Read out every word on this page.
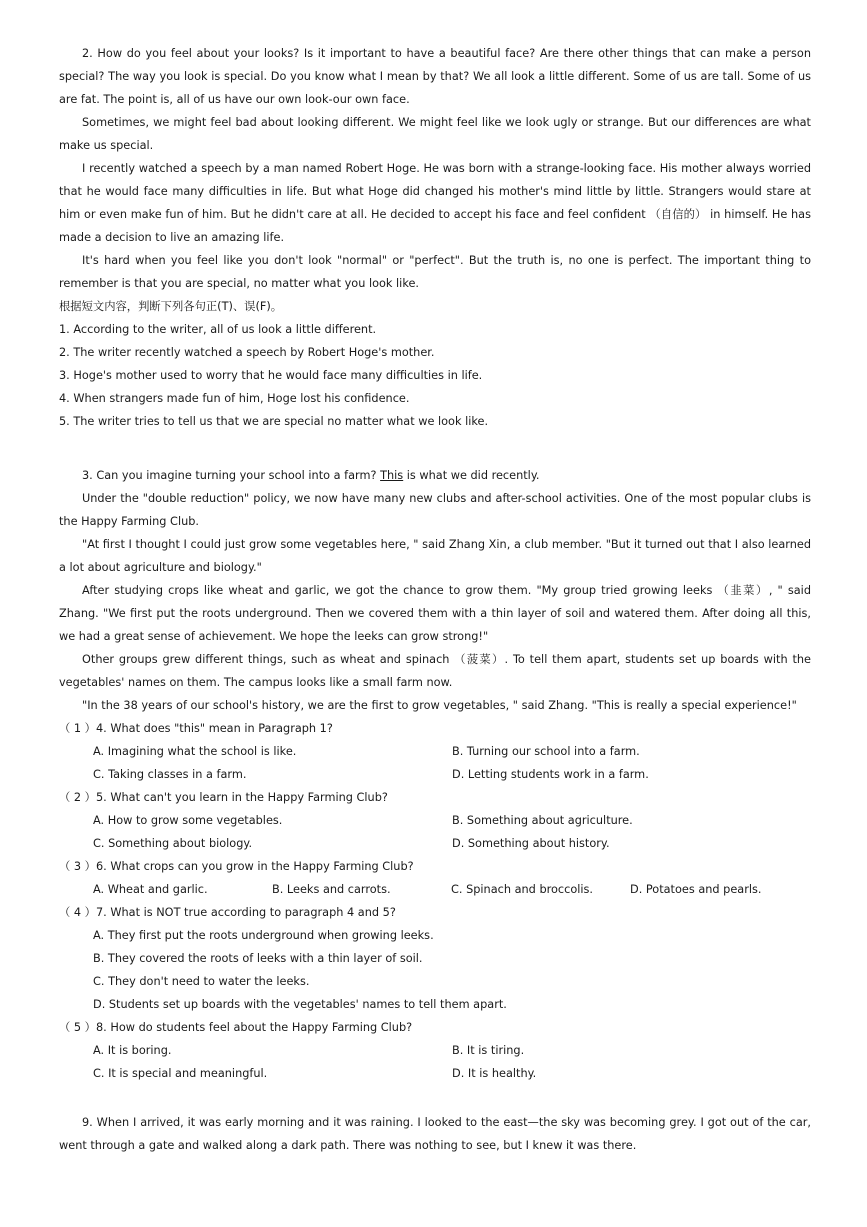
2. How do you feel about your looks? Is it important to have a beautiful face? Are there other things that can make a person special? The way you look is special. Do you know what I mean by that? We all look a little different. Some of us are tall. Some of us are fat. The point is, all of us have our own look-our own face.

Sometimes, we might feel bad about looking different. We might feel like we look ugly or strange. But our differences are what make us special.

I recently watched a speech by a man named Robert Hoge. He was born with a strange-looking face. His mother always worried that he would face many difficulties in life. But what Hoge did changed his mother's mind little by little. Strangers would stare at him or even make fun of him. But he didn't care at all. He decided to accept his face and feel confident （自信的） in himself. He has made a decision to live an amazing life.

It's hard when you feel like you don't look "normal" or "perfect". But the truth is, no one is perfect. The important thing to remember is that you are special, no matter what you look like.

根据短文内容，判断下列各句正(T)、误(F)。

1. According to the writer, all of us look a little different.

2. The writer recently watched a speech by Robert Hoge's mother.

3. Hoge's mother used to worry that he would face many difficulties in life.

4. When strangers made fun of him, Hoge lost his confidence.

5. The writer tries to tell us that we are special no matter what we look like.

3. Can you imagine turning your school into a farm? This is what we did recently.

Under the "double reduction" policy, we now have many new clubs and after-school activities. One of the most popular clubs is the Happy Farming Club.

"At first I thought I could just grow some vegetables here, " said Zhang Xin, a club member. "But it turned out that I also learned a lot about agriculture and biology."

After studying crops like wheat and garlic, we got the chance to grow them. "My group tried growing leeks （韭菜）, " said Zhang. "We first put the roots underground. Then we covered them with a thin layer of soil and watered them. After doing all this, we had a great sense of achievement. We hope the leeks can grow strong!"

Other groups grew different things, such as wheat and spinach （菠菜）. To tell them apart, students set up boards with the vegetables' names on them. The campus looks like a small farm now.

"In the 38 years of our school's history, we are the first to grow vegetables, " said Zhang. "This is really a special experience!"

（ 1 ）4. What does "this" mean in Paragraph 1?

A. Imagining what the school is like.	B. Turning our school into a farm.
C. Taking classes in a farm.	D. Letting students work in a farm.

（ 2 ）5. What can't you learn in the Happy Farming Club?

A. How to grow some vegetables.	B. Something about agriculture.
C. Something about biology.	D. Something about history.

（ 3 ）6. What crops can you grow in the Happy Farming Club?

A. Wheat and garlic.	B. Leeks and carrots.	C. Spinach and broccolis.	D. Potatoes and pearls.

（ 4 ）7. What is NOT true according to paragraph 4 and 5?

A. They first put the roots underground when growing leeks.
B. They covered the roots of leeks with a thin layer of soil.
C. They don't need to water the leeks.
D. Students set up boards with the vegetables' names to tell them apart.

（ 5 ）8. How do students feel about the Happy Farming Club?

A. It is boring.	B. It is tiring.
C. It is special and meaningful.	D. It is healthy.

9. When I arrived, it was early morning and it was raining. I looked to the east—the sky was becoming grey. I got out of the car, went through a gate and walked along a dark path. There was nothing to see, but I knew it was there.
